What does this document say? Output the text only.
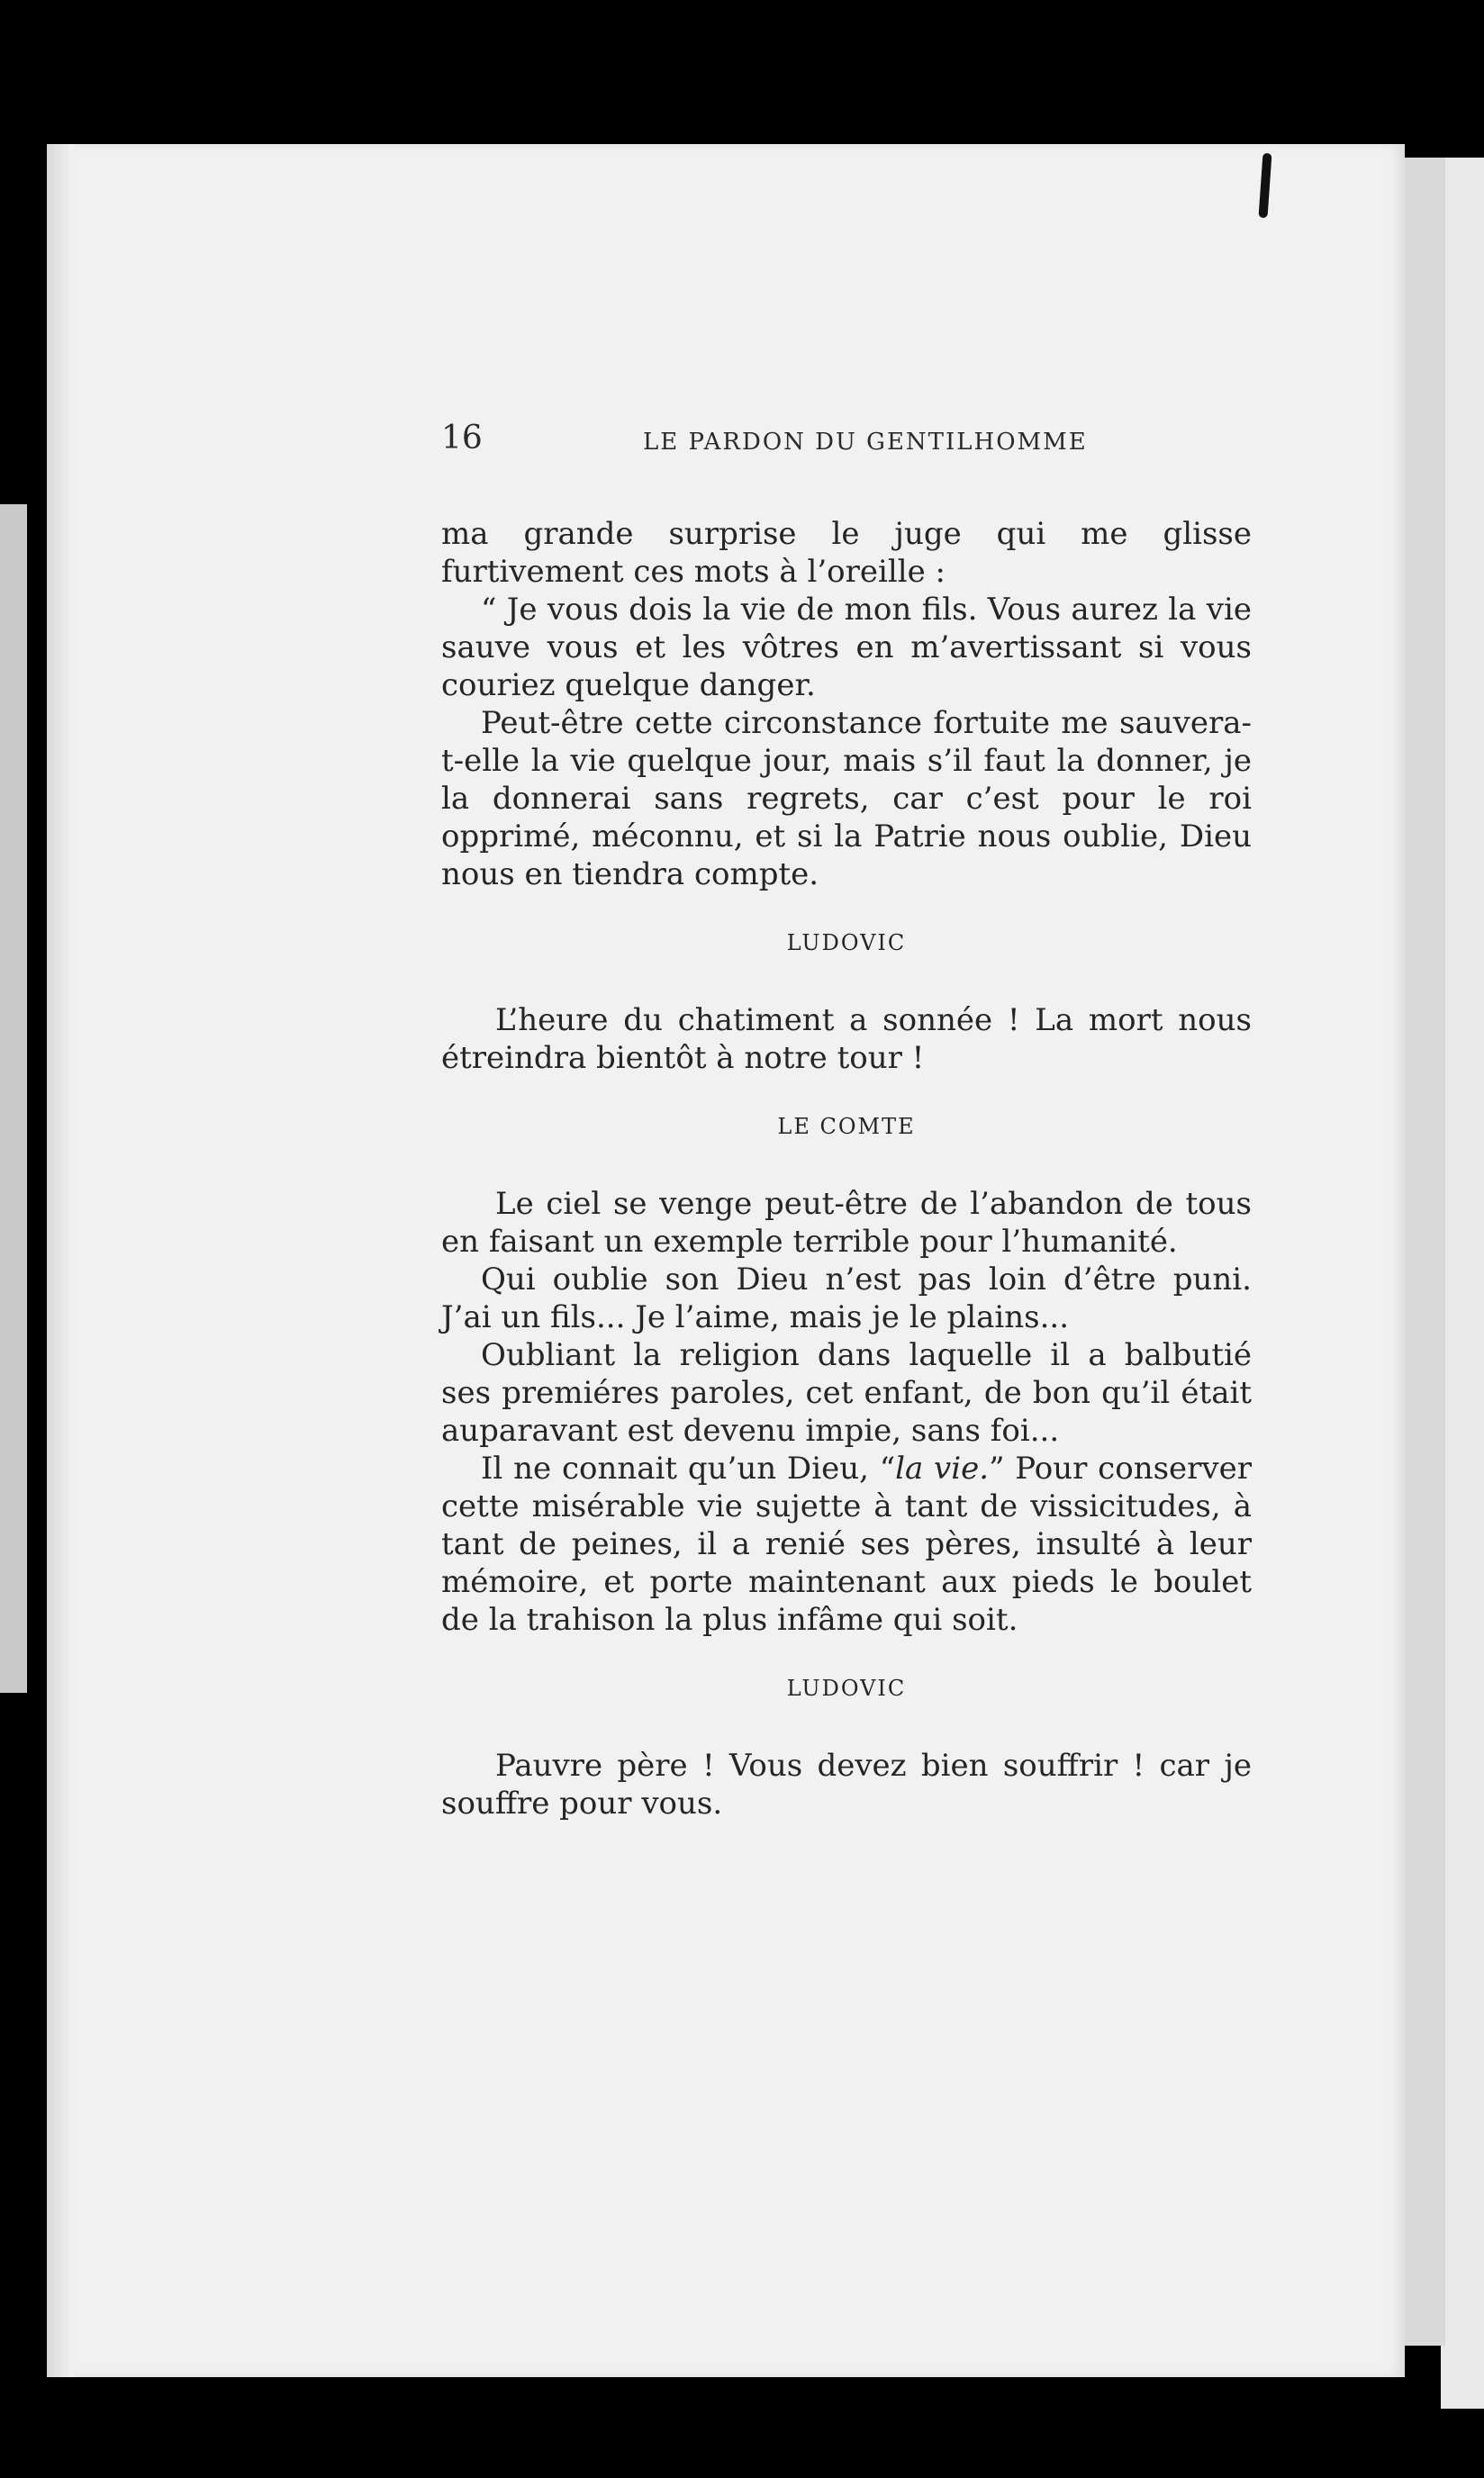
16	LE PARDON DU GENTILHOMME

ma grande surprise le juge qui me glisse furtivement ces mots à l’oreille :

“ Je vous dois la vie de mon fils. Vous aurez la vie sauve vous et les vôtres en m’avertissant si vous couriez quelque danger.

Peut-être cette circonstance fortuite me sauvera-t-elle la vie quelque jour, mais s’il faut la donner, je la donnerai sans regrets, car c’est pour le roi opprimé, méconnu, et si la Patrie nous oublie, Dieu nous en tiendra compte.

LUDOVIC

L’heure du chatiment a sonnée ! La mort nous étreindra bientôt à notre tour !

LE COMTE

Le ciel se venge peut-être de l’abandon de tous en faisant un exemple terrible pour l’humanité.

Qui oublie son Dieu n’est pas loin d’être puni. J’ai un fils... Je l’aime, mais je le plains...

Oubliant la religion dans laquelle il a balbutié ses premiéres paroles, cet enfant, de bon qu’il était auparavant est devenu impie, sans foi...

Il ne connait qu’un Dieu, “la vie.” Pour conserver cette misérable vie sujette à tant de vissicitudes, à tant de peines, il a renié ses pères, insulté à leur mémoire, et porte maintenant aux pieds le boulet de la trahison la plus infâme qui soit.

LUDOVIC

Pauvre père ! Vous devez bien souffrir ! car je souffre pour vous.
